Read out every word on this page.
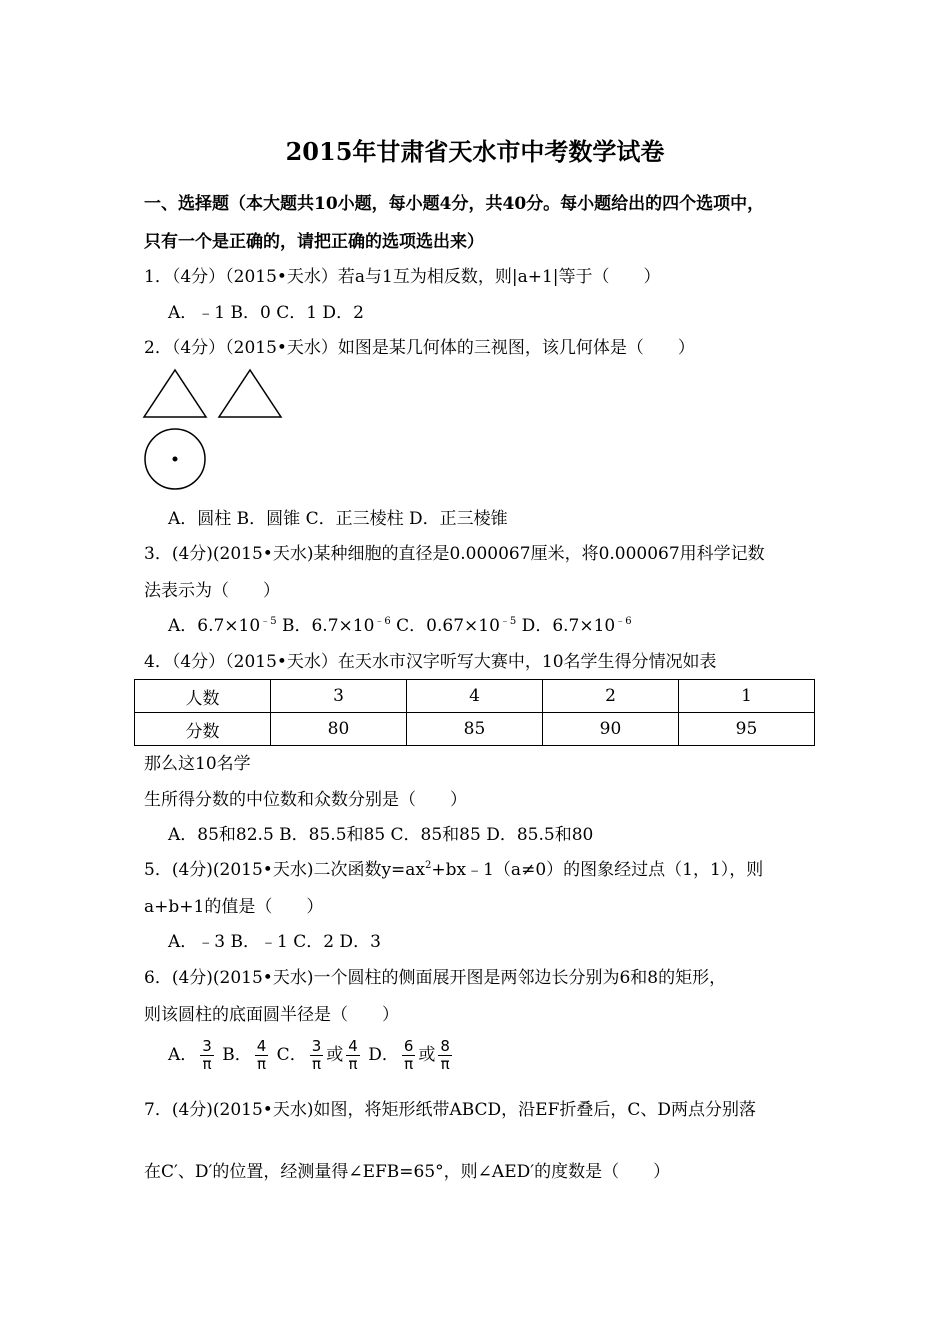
2015年甘肃省天水市中考数学试卷
一、选择题（本大题共10小题，每小题4分，共40分。每小题给出的四个选项中，
只有一个是正确的，请把正确的选项选出来）
1．（4分）（2015•天水）若a与1互为相反数，则|a+1|等于（　　）
A．﹣1 B．0 C．1 D．2
2．（4分）（2015•天水）如图是某几何体的三视图，该几何体是（　　）
A．圆柱 B．圆锥 C．正三棱柱 D．正三棱锥
3．(4分)(2015•天水)某种细胞的直径是0.000067厘米，将0.000067用科学记数
法表示为（　　）
A．$6.7\times 10^{﹣5}$ B．$6.7\times 10^{﹣6}$ C．$0.67\times 10^{﹣5}$ D．$6.7\times 10^{﹣6}$
4．（4分）（2015•天水）在天水市汉字听写大赛中，10名学生得分情况如表
人数	3	4	2	1
分数	80	85	90	95
那么这10名学
生所得分数的中位数和众数分别是（　　）
A．85和82.5 B．85.5和85 C．85和85 D．85.5和80
5．(4分)(2015•天水)二次函数$y=ax^2+bx﹣1(a\ne 0)$的图象经过点（1，1），则
a+b+1的值是（　　）
A．﹣3 B．﹣1 C．2 D．3
6．(4分)(2015•天水)一个圆柱的侧面展开图是两邻边长分别为6和8的矩形，
则该圆柱的底面圆半径是（　　）
A． $\frac{3}{\pi}$ B． $\frac{4}{\pi}$ C． $\frac{3}{\pi}$ 或 $\frac{4}{\pi}$ D． $\frac{6}{\pi}$ 或 $\frac{8}{\pi}$
7．(4分)(2015•天水)如图，将矩形纸带ABCD，沿EF折叠后，C、D两点分别落
在C′、D′的位置，经测量得∠EFB=65°，则∠AED′的度数是（　　）
